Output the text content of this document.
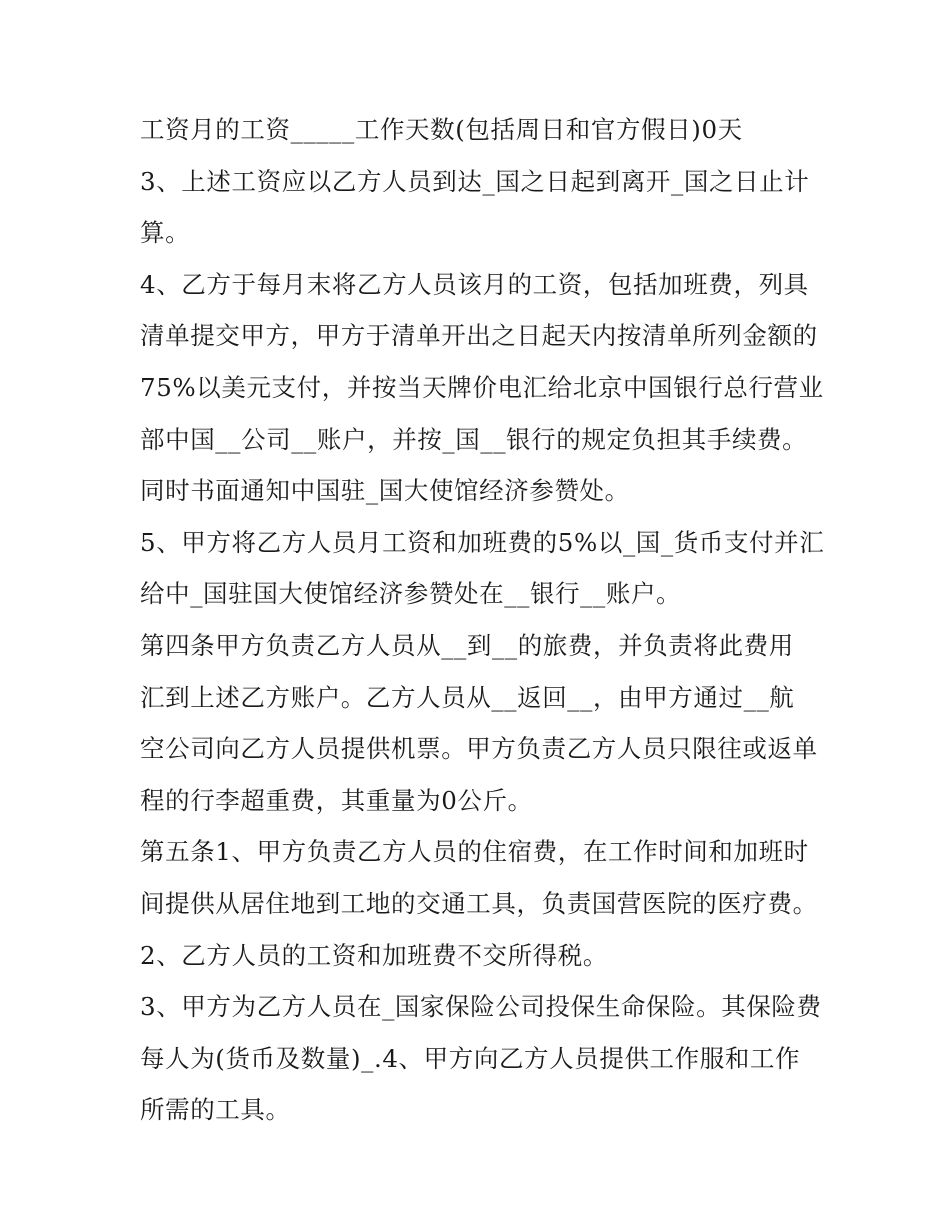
工资月的工资_____工作天数(包括周日和官方假日)0天
3、上述工资应以乙方人员到达_国之日起到离开_国之日止计
算。
4、乙方于每月末将乙方人员该月的工资，包括加班费，列具
清单提交甲方，甲方于清单开出之日起天内按清单所列金额的
75%以美元支付，并按当天牌价电汇给北京中国银行总行营业
部中国__公司__账户，并按_国__银行的规定负担其手续费。
同时书面通知中国驻_国大使馆经济参赞处。
5、甲方将乙方人员月工资和加班费的5%以_国_货币支付并汇
给中_国驻国大使馆经济参赞处在__银行__账户。
第四条甲方负责乙方人员从__到__的旅费，并负责将此费用
汇到上述乙方账户。乙方人员从__返回__，由甲方通过__航
空公司向乙方人员提供机票。甲方负责乙方人员只限往或返单
程的行李超重费，其重量为0公斤。
第五条1、甲方负责乙方人员的住宿费，在工作时间和加班时
间提供从居住地到工地的交通工具，负责国营医院的医疗费。
2、乙方人员的工资和加班费不交所得税。
3、甲方为乙方人员在_国家保险公司投保生命保险。其保险费
每人为(货币及数量)_.4、甲方向乙方人员提供工作服和工作
所需的工具。
